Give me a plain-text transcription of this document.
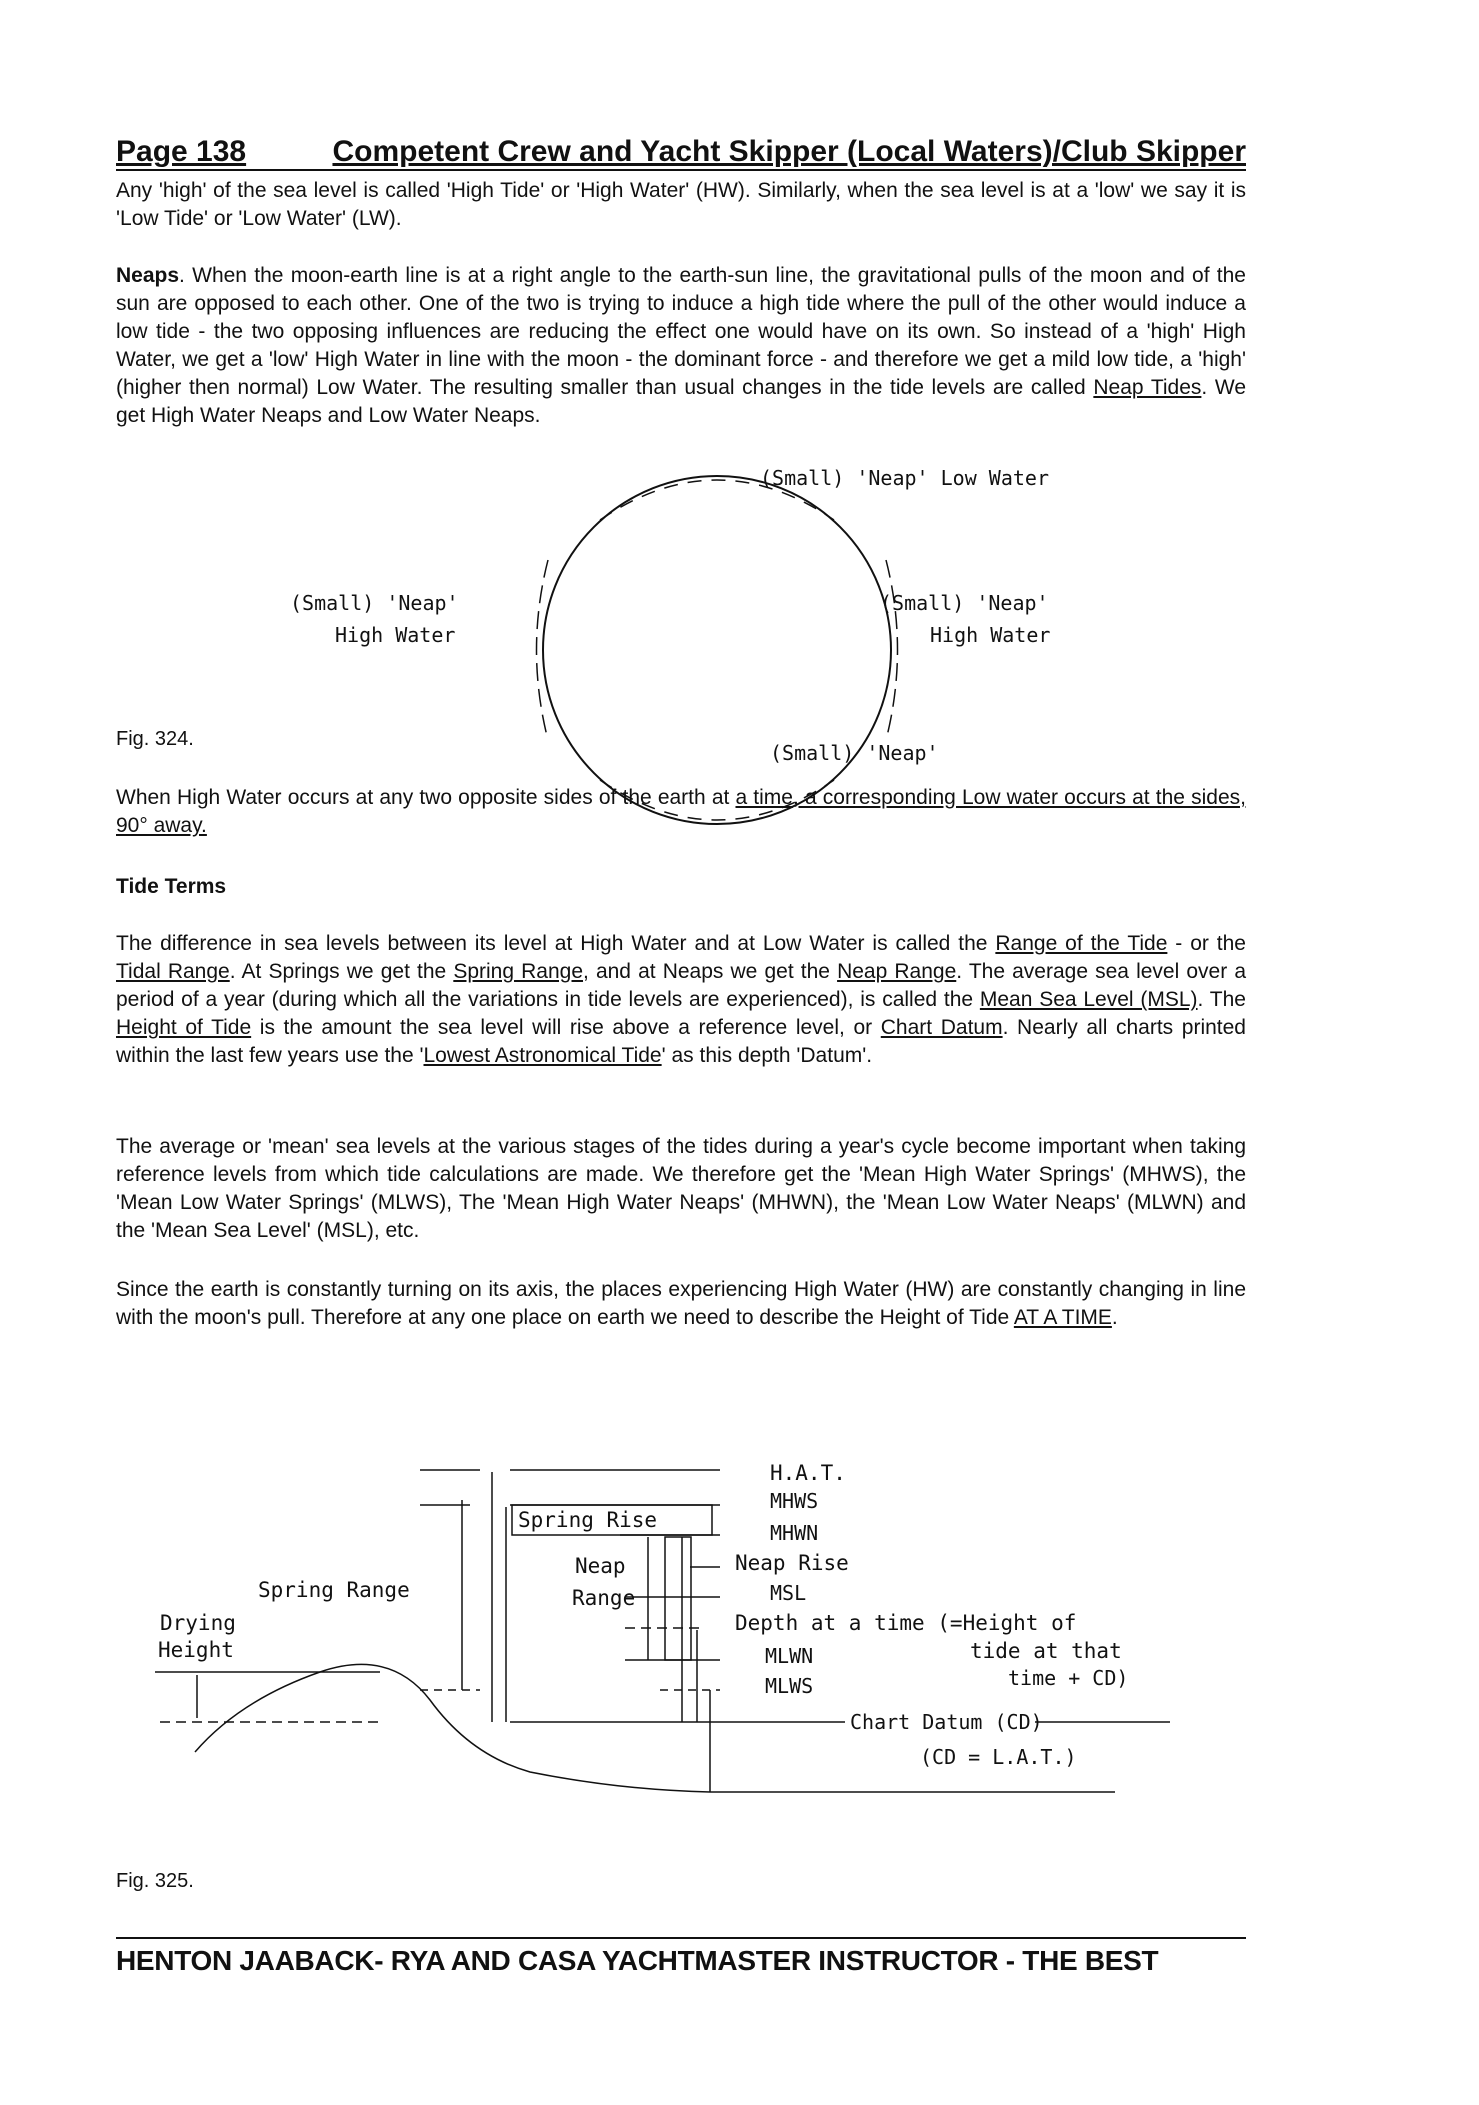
Page 138	Competent Crew and Yacht Skipper (Local Waters)/Club Skipper

Any 'high' of the sea level is called 'High Tide' or 'High Water' (HW). Similarly, when the sea level is at a 'low' we say it is 'Low Tide' or 'Low Water' (LW).

Neaps. When the moon-earth line is at a right angle to the earth-sun line, the gravitational pulls of the moon and of the sun are opposed to each other. One of the two is trying to induce a high tide where the pull of the other would induce a low tide - the two opposing influences are reducing the effect one would have on its own. So instead of a 'high' High Water, we get a 'low' High Water in line with the moon - the dominant force - and therefore we get a mild low tide, a 'high' (higher then normal) Low Water. The resulting smaller than usual changes in the tide levels are called Neap Tides. We get High Water Neaps and Low Water Neaps.

(Small) 'Neap' Low Water
(Small) 'Neap'
High Water
(Small) 'Neap'
High Water
(Small) 'Neap'
Fig. 324.

When High Water occurs at any two opposite sides of the earth at a time, a corresponding Low water occurs at the sides, 90° away.

Tide Terms

The difference in sea levels between its level at High Water and at Low Water is called the Range of the Tide - or the Tidal Range. At Springs we get the Spring Range, and at Neaps we get the Neap Range. The average sea level over a period of a year (during which all the variations in tide levels are experienced), is called the Mean Sea Level (MSL). The Height of Tide is the amount the sea level will rise above a reference level, or Chart Datum. Nearly all charts printed within the last few years use the 'Lowest Astronomical Tide' as this depth 'Datum'.

The average or 'mean' sea levels at the various stages of the tides during a year's cycle become important when taking reference levels from which tide calculations are made. We therefore get the 'Mean High Water Springs' (MHWS), the 'Mean Low Water Springs' (MLWS), The 'Mean High Water Neaps' (MHWN), the 'Mean Low Water Neaps' (MLWN) and the 'Mean Sea Level' (MSL), etc.

Since the earth is constantly turning on its axis, the places experiencing High Water (HW) are constantly changing in line with the moon's pull. Therefore at any one place on earth we need to describe the Height of Tide AT A TIME.

H.A.T.
MHWS
MHWN
Spring Rise
Neap
Range
Neap Rise
MSL
Spring Range
Drying
Height
Depth at a time (=Height of
tide at that
time + CD)
MLWN
MLWS
Chart Datum (CD)
(CD = L.A.T.)
Fig. 325.
HENTON JAABACK- RYA AND CASA YACHTMASTER INSTRUCTOR - THE BEST
